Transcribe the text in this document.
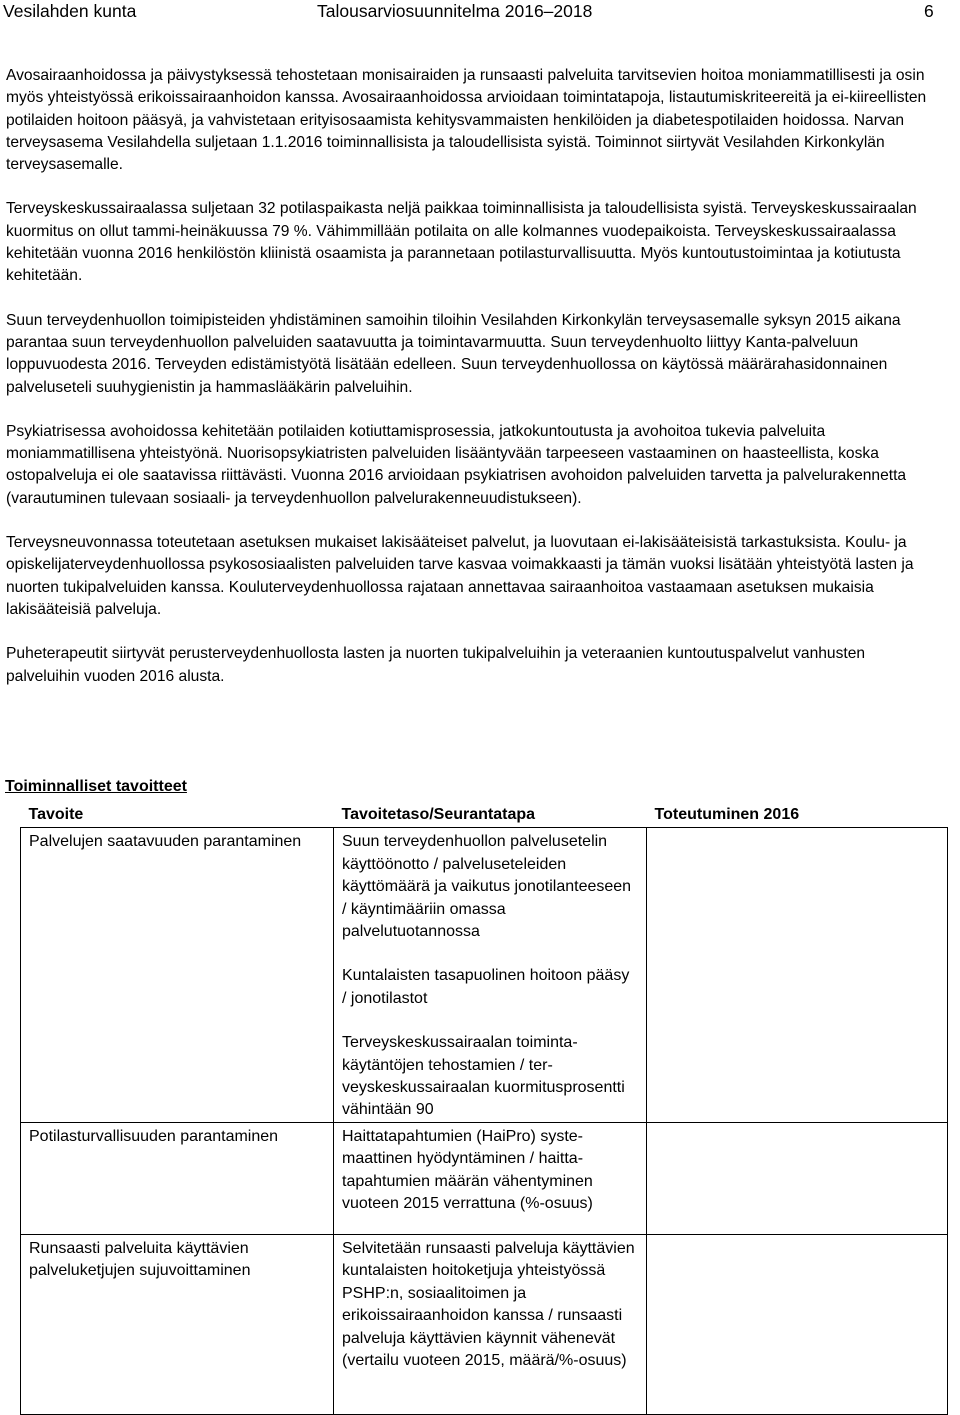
Vesilahden kunta	Talousarviosuunnitelma 2016–2018	6

Avosairaanhoidossa ja päivystyksessä tehostetaan monisairaiden ja runsaasti palveluita tarvitsevien hoitoa moniammatillisesti ja osin myös yhteistyössä erikoissairaanhoidon kanssa. Avosairaanhoidossa arvioidaan toimintatapoja, listautumiskriteereitä ja ei-kiireellisten potilaiden hoitoon pääsyä, ja vahvistetaan erityisosaamista kehitysvammaisten henkilöiden ja diabetespotilaiden hoidossa. Narvan terveysasema Vesilahdella suljetaan 1.1.2016 toiminnallisista ja taloudellisista syistä. Toiminnot siirtyvät Vesilahden Kirkonkylän terveysasemalle.

Terveyskeskussairaalassa suljetaan 32 potilaspaikasta neljä paikkaa toiminnallisista ja taloudellisista syistä. Terveyskeskussairaalan kuormitus on ollut tammi-heinäkuussa 79 %. Vähimmillään potilaita on alle kolmannes vuodepaikoista. Terveyskeskussairaalassa kehitetään vuonna 2016 henkilöstön kliinistä osaamista ja parannetaan potilasturvallisuutta. Myös kuntoutustoimintaa ja kotiutusta kehitetään.

Suun terveydenhuollon toimipisteiden yhdistäminen samoihin tiloihin Vesilahden Kirkonkylän terveysasemalle syksyn 2015 aikana parantaa suun terveydenhuollon palveluiden saatavuutta ja toimintavarmuutta. Suun terveydenhuolto liittyy Kanta-palveluun loppuvuodesta 2016. Terveyden edistämistyötä lisätään edelleen. Suun terveydenhuollossa on käytössä määrärahasidonnainen palveluseteli suuhygienistin ja hammaslääkärin palveluihin.

Psykiatrisessa avohoidossa kehitetään potilaiden kotiuttamisprosessia, jatkokuntoutusta ja avohoitoa tukevia palveluita moniammatillisena yhteistyönä. Nuorisopsykiatristen palveluiden lisääntyvään tarpeeseen vastaaminen on haasteellista, koska ostopalveluja ei ole saatavissa riittävästi. Vuonna 2016 arvioidaan psykiatrisen avohoidon palveluiden tarvetta ja palvelurakennetta (varautuminen tulevaan sosiaali- ja terveydenhuollon palvelurakenneuudistukseen).

Terveysneuvonnassa toteutetaan asetuksen mukaiset lakisääteiset palvelut, ja luovutaan ei-lakisääteisistä tarkastuksista. Koulu- ja opiskelijaterveydenhuollossa psykososiaalisten palveluiden tarve kasvaa voimakkaasti ja tämän vuoksi lisätään yhteistyötä lasten ja nuorten tukipalveluiden kanssa. Kouluterveydenhuollossa rajataan annettavaa sairaanhoitoa vastaamaan asetuksen mukaisia lakisääteisiä palveluja.

Puheterapeutit siirtyvät perusterveydenhuollosta lasten ja nuorten tukipalveluihin ja veteraanien kuntoutuspalvelut vanhusten palveluihin vuoden 2016 alusta.

Toiminnalliset tavoitteet
Tavoite	Tavoitetaso/Seurantatapa	Toteutuminen 2016
Palvelujen saatavuuden parantaminen	Suun terveydenhuollon palvelusetelin käyttöönotto / palveluseteleiden käyttömäärä ja vaikutus jonotilanteeseen / käyntimääriin omassa palvelutuotannossa
Kuntalaisten tasapuolinen hoitoon pääsy / jonotilastot
Terveyskeskussairaalan toimintakäytäntöjen tehostamien / terveyskeskussairaalan kuormitusprosentti vähintään 90	

Potilasturvallisuuden parantaminen	Haittatapahtumien (HaiPro) systemaattinen hyödyntäminen / haittatapahtumien määrän vähentyminen vuoteen 2015 verrattuna (%-osuus)	
Runsaasti palveluita käyttävien palveluketjujen sujuvoittaminen	Selvitetään runsaasti palveluja käyttävien kuntalaisten hoitoketjuja yhteistyössä PSHP:n, sosiaalitoimen ja erikoissairaanhoidon kanssa / runsaasti palveluja käyttävien käynnit vähenevät (vertailu vuoteen 2015, määrä/%-osuus)	
